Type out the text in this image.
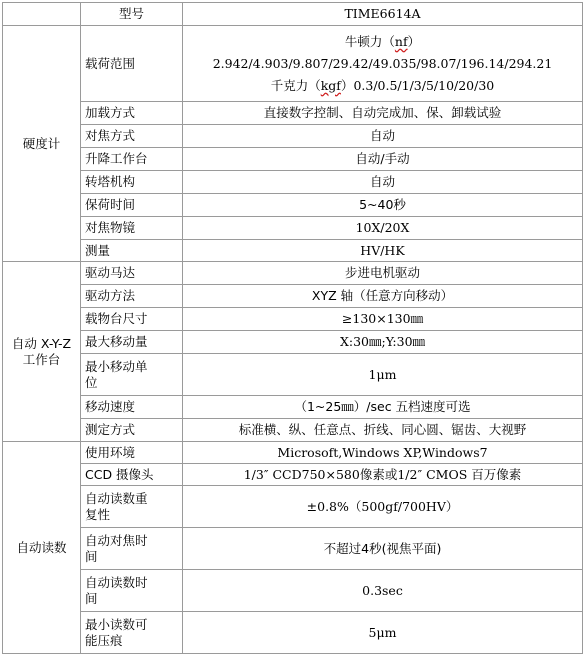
	型号	TIME6614A
硬度计	载荷范围	牛顿力（nf）
2.942/4.903/9.807/29.42/49.035/98.07/196.14/294.21
千克力（kgf）0.3/0.5/1/3/5/10/20/30

	加载方式	直接数字控制、自动完成加、保、卸载试验
	对焦方式	自动
	升降工作台	自动/手动
	转塔机构	自动
	保荷时间	5~40秒
	对焦物镜	10X/20X
	测量	HV/HK

自动 X-Y-Z
工作台	驱动马达	步进电机驱动
	驱动方法	XYZ 轴（任意方向移动）
	载物台尺寸	≥130×130㎜
	最大移动量	X:30㎜;Y:30㎜

	最小移动单
位	1μm
	移动速度	（1~25㎜）/sec 五档速度可选
	测定方式	标准横、纵、任意点、折线、同心圆、锯齿、大视野
自动读数	使用环境	Microsoft,Windows XP,Windows7
	CCD 摄像头	1/3″ CCD750×580像素或1/2″ CMOS 百万像素

	自动读数重
复性	±0.8%（500gf/700HV）

	自动对焦时
间	不超过4秒(视焦平面)

	自动读数时
间	0.3sec

	最小读数可
能压痕	5μm
